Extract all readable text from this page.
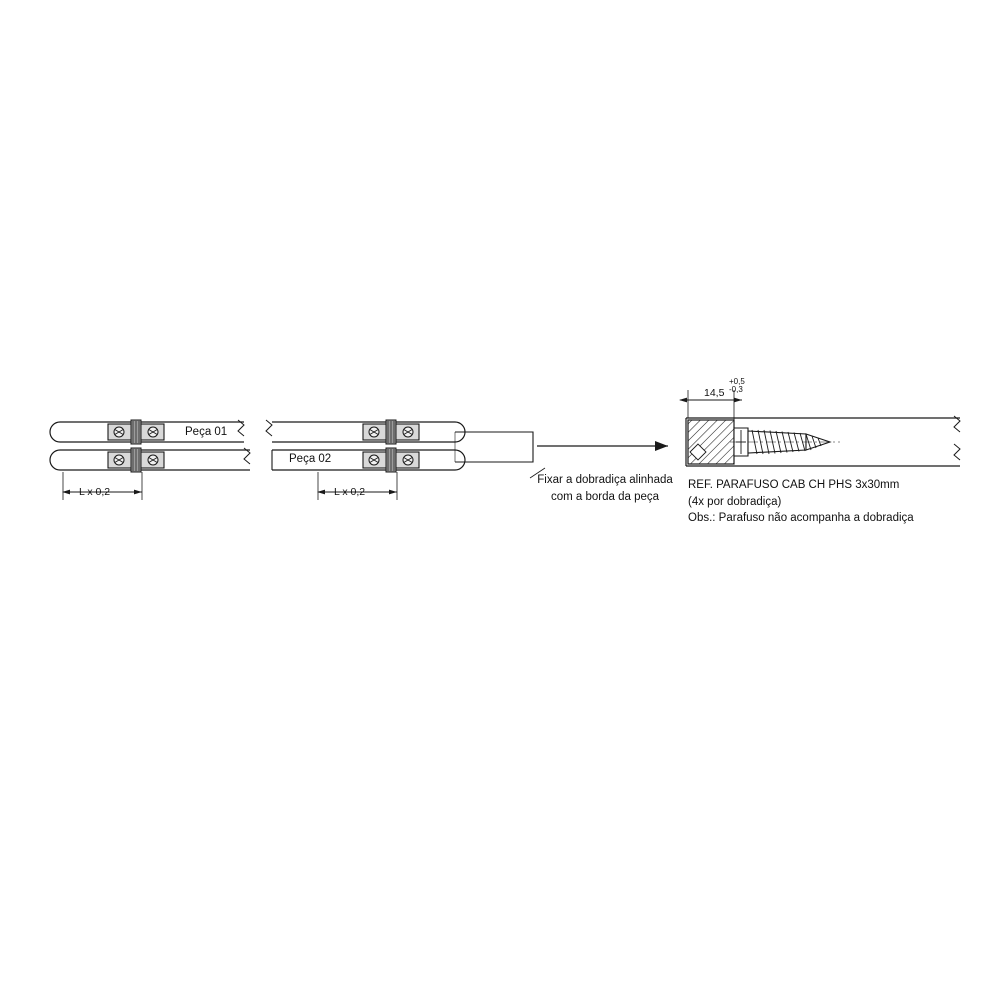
Peça 01
Peça 02
L x 0,2	L x 0,2
14,5
+0,5
-0,3
Fixar a dobradiça alinhada
com a borda da peça
REF. PARAFUSO CAB CH PHS 3x30mm
(4x por dobradiça)
Obs.: Parafuso não acompanha a dobradiça
